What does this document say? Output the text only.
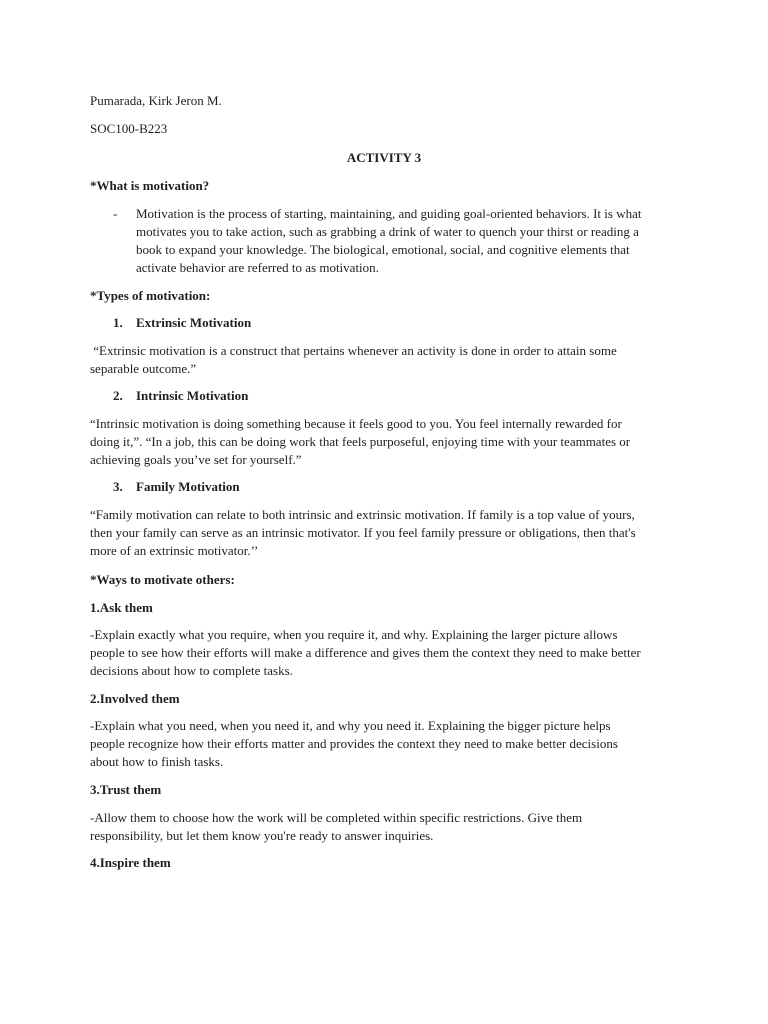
Pumarada, Kirk Jeron M.
SOC100-B223
ACTIVITY 3
*What is motivation?
- Motivation is the process of starting, maintaining, and guiding goal-oriented behaviors. It is what
motivates you to take action, such as grabbing a drink of water to quench your thirst or reading a
book to expand your knowledge. The biological, emotional, social, and cognitive elements that
activate behavior are referred to as motivation.
*Types of motivation:
1. Extrinsic Motivation
“Extrinsic motivation is a construct that pertains whenever an activity is done in order to attain some
separable outcome.”
2. Intrinsic Motivation
“Intrinsic motivation is doing something because it feels good to you. You feel internally rewarded for
doing it,”. “In a job, this can be doing work that feels purposeful, enjoying time with your teammates or
achieving goals you’ve set for yourself.”
3. Family Motivation
“Family motivation can relate to both intrinsic and extrinsic motivation. If family is a top value of yours,
then your family can serve as an intrinsic motivator. If you feel family pressure or obligations, then that's
more of an extrinsic motivator.’’
*Ways to motivate others:
1.Ask them
-Explain exactly what you require, when you require it, and why. Explaining the larger picture allows
people to see how their efforts will make a difference and gives them the context they need to make better
decisions about how to complete tasks.
2.Involved them
-Explain what you need, when you need it, and why you need it. Explaining the bigger picture helps
people recognize how their efforts matter and provides the context they need to make better decisions
about how to finish tasks.
3.Trust them
-Allow them to choose how the work will be completed within specific restrictions. Give them
responsibility, but let them know you're ready to answer inquiries.
4.Inspire them
